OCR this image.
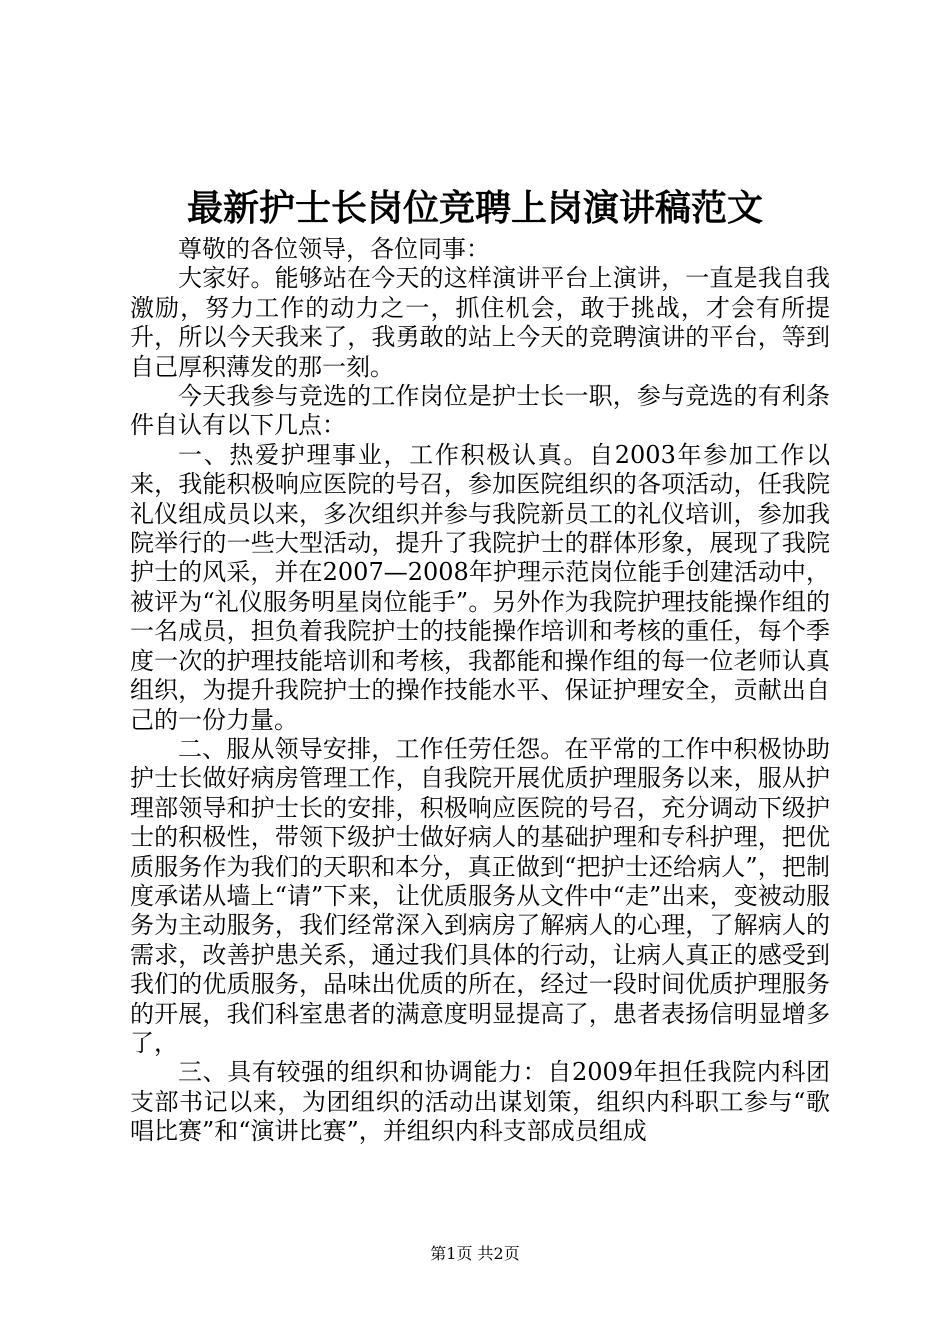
最新护士长岗位竞聘上岗演讲稿范文

尊敬的各位领导，各位同事：

大家好。能够站在今天的这样演讲平台上演讲，一直是我自我激励，努力工作的动力之一，抓住机会，敢于挑战，才会有所提升，所以今天我来了，我勇敢的站上今天的竞聘演讲的平台，等到自己厚积薄发的那一刻。

今天我参与竞选的工作岗位是护士长一职，参与竞选的有利条件自认有以下几点：

一、热爱护理事业，工作积极认真。自2003年参加工作以来，我能积极响应医院的号召，参加医院组织的各项活动，任我院礼仪组成员以来，多次组织并参与我院新员工的礼仪培训，参加我院举行的一些大型活动，提升了我院护士的群体形象，展现了我院护士的风采，并在2007—2008年护理示范岗位能手创建活动中，被评为“礼仪服务明星岗位能手”。另外作为我院护理技能操作组的一名成员，担负着我院护士的技能操作培训和考核的重任，每个季度一次的护理技能培训和考核，我都能和操作组的每一位老师认真组织，为提升我院护士的操作技能水平、保证护理安全，贡献出自己的一份力量。

二、服从领导安排，工作任劳任怨。在平常的工作中积极协助护士长做好病房管理工作，自我院开展优质护理服务以来，服从护理部领导和护士长的安排，积极响应医院的号召，充分调动下级护士的积极性，带领下级护士做好病人的基础护理和专科护理，把优质服务作为我们的天职和本分，真正做到“把护士还给病人”，把制度承诺从墙上“请”下来，让优质服务从文件中“走”出来，变被动服务为主动服务，我们经常深入到病房了解病人的心理，了解病人的需求，改善护患关系，通过我们具体的行动，让病人真正的感受到我们的优质服务，品味出优质的所在，经过一段时间优质护理服务的开展，我们科室患者的满意度明显提高了，患者表扬信明显增多了，

三、具有较强的组织和协调能力：自2009年担任我院内科团支部书记以来，为团组织的活动出谋划策，组织内科职工参与“歌唱比赛”和“演讲比赛”，并组织内科支部成员组成

第1页 共2页
